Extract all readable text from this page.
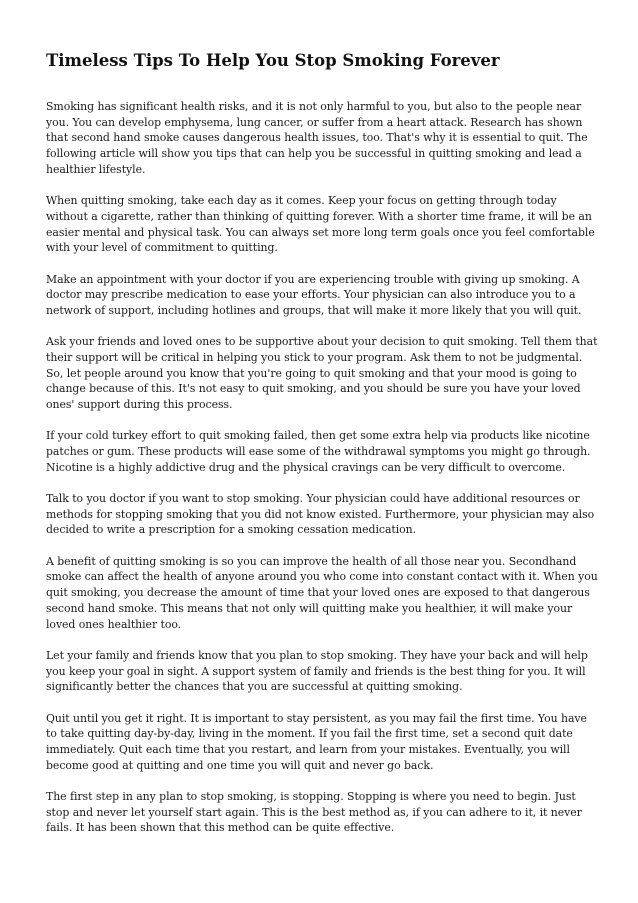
Timeless Tips To Help You Stop Smoking Forever

Smoking has significant health risks, and it is not only harmful to you, but also to the people near you. You can develop emphysema, lung cancer, or suffer from a heart attack. Research has shown that second hand smoke causes dangerous health issues, too. That's why it is essential to quit. The following article will show you tips that can help you be successful in quitting smoking and lead a healthier lifestyle.

When quitting smoking, take each day as it comes. Keep your focus on getting through today without a cigarette, rather than thinking of quitting forever. With a shorter time frame, it will be an easier mental and physical task. You can always set more long term goals once you feel comfortable with your level of commitment to quitting.

Make an appointment with your doctor if you are experiencing trouble with giving up smoking. A doctor may prescribe medication to ease your efforts. Your physician can also introduce you to a network of support, including hotlines and groups, that will make it more likely that you will quit.

Ask your friends and loved ones to be supportive about your decision to quit smoking. Tell them that their support will be critical in helping you stick to your program. Ask them to not be judgmental. So, let people around you know that you're going to quit smoking and that your mood is going to change because of this. It's not easy to quit smoking, and you should be sure you have your loved ones' support during this process.

If your cold turkey effort to quit smoking failed, then get some extra help via products like nicotine patches or gum. These products will ease some of the withdrawal symptoms you might go through. Nicotine is a highly addictive drug and the physical cravings can be very difficult to overcome.

Talk to you doctor if you want to stop smoking. Your physician could have additional resources or methods for stopping smoking that you did not know existed. Furthermore, your physician may also decided to write a prescription for a smoking cessation medication.

A benefit of quitting smoking is so you can improve the health of all those near you. Secondhand smoke can affect the health of anyone around you who come into constant contact with it. When you quit smoking, you decrease the amount of time that your loved ones are exposed to that dangerous second hand smoke. This means that not only will quitting make you healthier, it will make your loved ones healthier too.

Let your family and friends know that you plan to stop smoking. They have your back and will help you keep your goal in sight. A support system of family and friends is the best thing for you. It will significantly better the chances that you are successful at quitting smoking.

Quit until you get it right. It is important to stay persistent, as you may fail the first time. You have to take quitting day-by-day, living in the moment. If you fail the first time, set a second quit date immediately. Quit each time that you restart, and learn from your mistakes. Eventually, you will become good at quitting and one time you will quit and never go back.

The first step in any plan to stop smoking, is stopping. Stopping is where you need to begin. Just stop and never let yourself start again. This is the best method as, if you can adhere to it, it never fails. It has been shown that this method can be quite effective.
